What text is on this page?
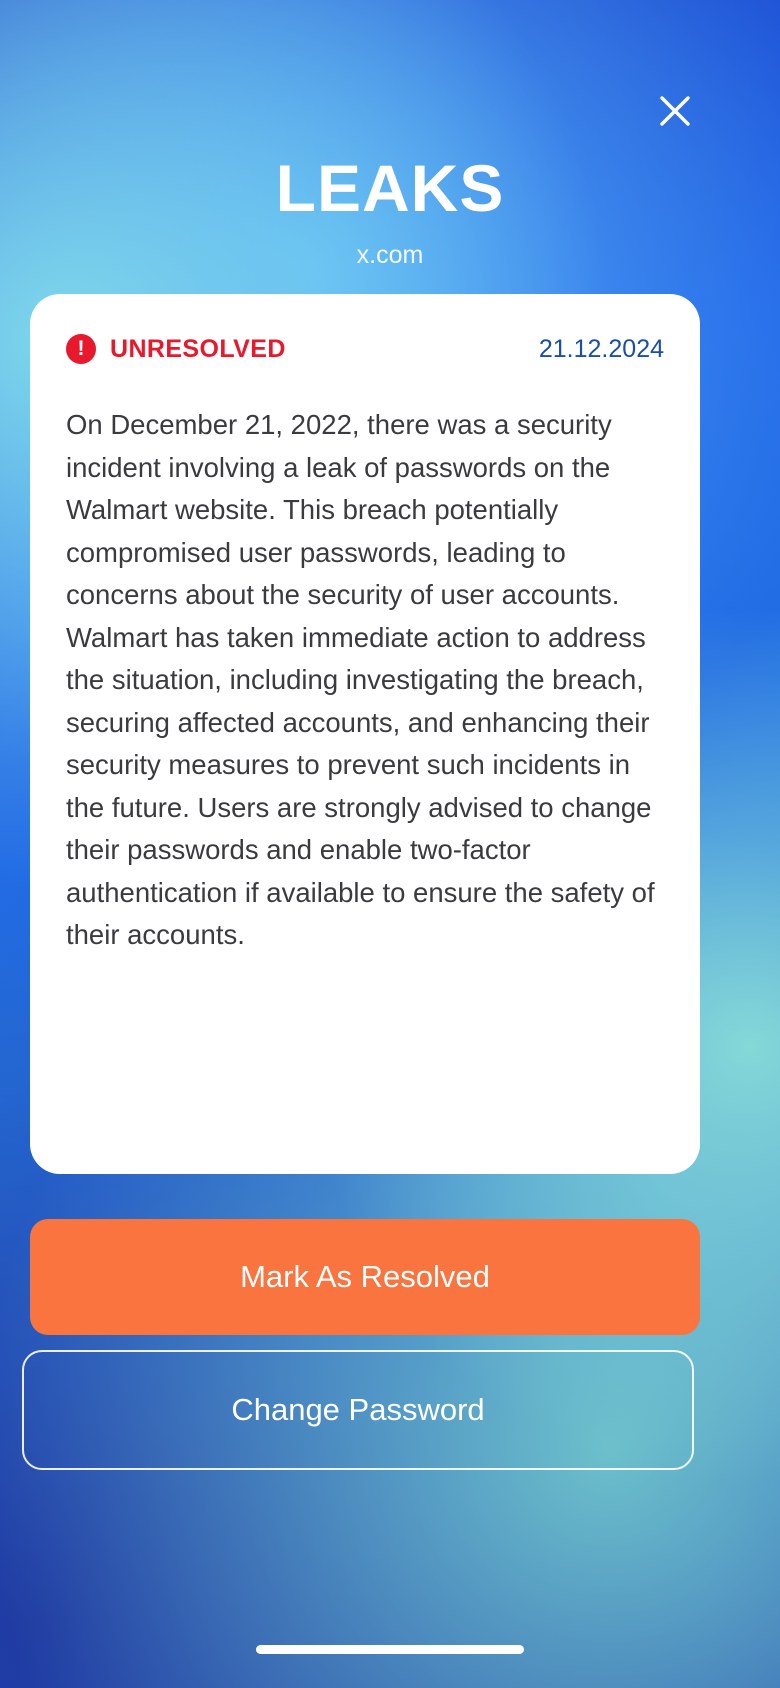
LEAKS
x.com
!	UNRESOLVED	21.12.2024
On December 21, 2022, there was a security incident involving a leak of passwords on the Walmart website. This breach potentially compromised user passwords, leading to concerns about the security of user accounts. Walmart has taken immediate action to address the situation, including investigating the breach, securing affected accounts, and enhancing their security measures to prevent such incidents in the future. Users are strongly advised to change their passwords and enable two-factor authentication if available to ensure the safety of their accounts.
Mark As Resolved
Change Password
